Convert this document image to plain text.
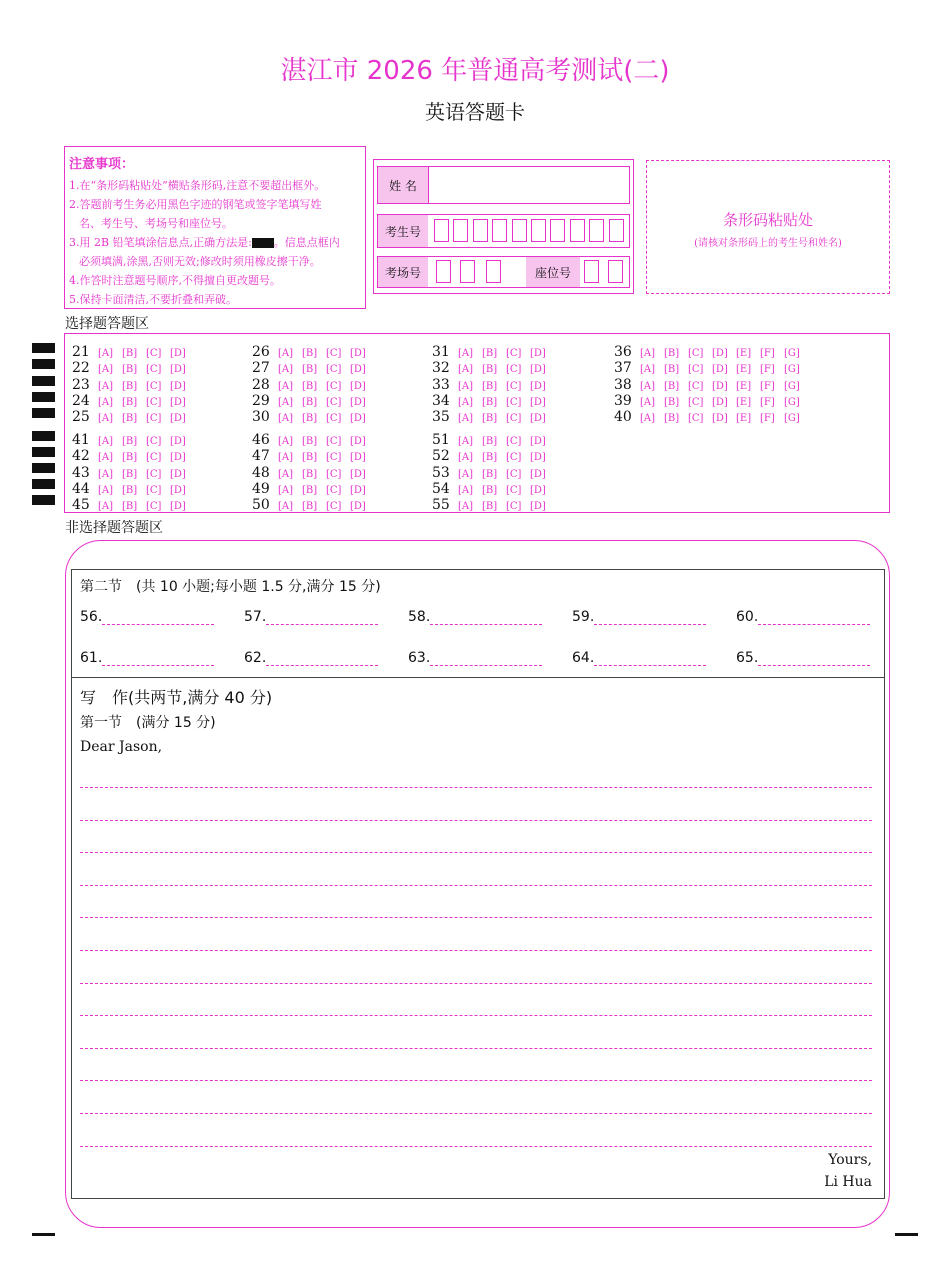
湛江市 2026 年普通高考测试(二)
英语答题卡
注意事项：
1.在“条形码粘贴处”横贴条形码,注意不要超出框外。
2.答题前考生务必用黑色字迹的钢笔或签字笔填写姓
名、考生号、考场号和座位号。
3.用 2B 铅笔填涂信息点,正确方法是: 。信息点框内
必须填满,涂黑,否则无效;修改时须用橡皮擦干净。
4.作答时注意题号顺序,不得擅自更改题号。
5.保持卡面清洁,不要折叠和弄破。
姓 名
考生号
考场号	座位号
条形码粘贴处
(请核对条形码上的考生号和姓名)
选择题答题区
21 [A] [B] [C] [D]
22 [A] [B] [C] [D]
23 [A] [B] [C] [D]
24 [A] [B] [C] [D]
25 [A] [B] [C] [D]
26 [A] [B] [C] [D]
27 [A] [B] [C] [D]
28 [A] [B] [C] [D]
29 [A] [B] [C] [D]
30 [A] [B] [C] [D]
31 [A] [B] [C] [D]
32 [A] [B] [C] [D]
33 [A] [B] [C] [D]
34 [A] [B] [C] [D]
35 [A] [B] [C] [D]
36 [A] [B] [C] [D] [E] [F] [G]
37 [A] [B] [C] [D] [E] [F] [G]
38 [A] [B] [C] [D] [E] [F] [G]
39 [A] [B] [C] [D] [E] [F] [G]
40 [A] [B] [C] [D] [E] [F] [G]
41 [A] [B] [C] [D]
42 [A] [B] [C] [D]
43 [A] [B] [C] [D]
44 [A] [B] [C] [D]
45 [A] [B] [C] [D]
46 [A] [B] [C] [D]
47 [A] [B] [C] [D]
48 [A] [B] [C] [D]
49 [A] [B] [C] [D]
50 [A] [B] [C] [D]
51 [A] [B] [C] [D]
52 [A] [B] [C] [D]
53 [A] [B] [C] [D]
54 [A] [B] [C] [D]
55 [A] [B] [C] [D]
非选择题答题区
第二节　(共 10 小题;每小题 1.5 分,满分 15 分)
56.	57.	58.	59.	60.
61.	62.	63.	64.	65.
写　作(共两节,满分 40 分)
第一节　(满分 15 分)
Dear Jason,
Yours,
Li Hua
